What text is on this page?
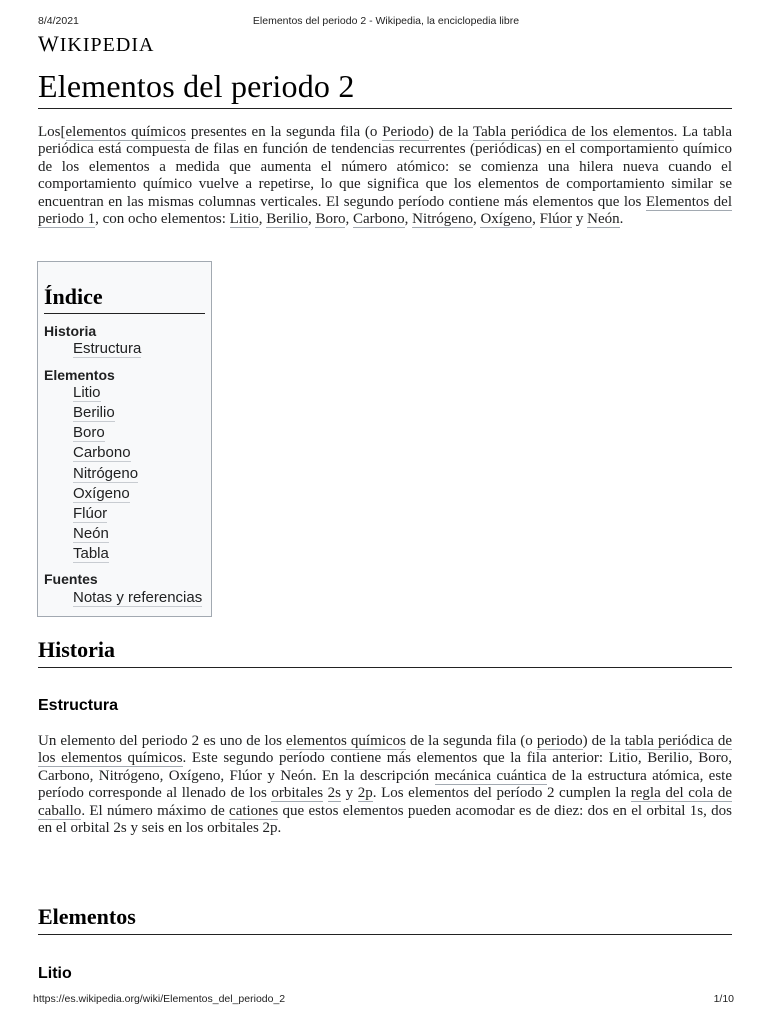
8/4/2021	Elementos del periodo 2 - Wikipedia, la enciclopedia libre
WIKIPEDIA
Elementos del periodo 2

Los[elementos químicos presentes en la segunda fila (o Periodo) de la Tabla periódica de los elementos. La tabla periódica está compuesta de filas en función de tendencias recurrentes (periódicas) en el comportamiento químico de los elementos a medida que aumenta el número atómico: se comienza una hilera nueva cuando el comportamiento químico vuelve a repetirse, lo que significa que los elementos de comportamiento similar se encuentran en las mismas columnas verticales. El segundo período contiene más elementos que los Elementos del periodo 1, con ocho elementos: Litio, Berilio, Boro, Carbono, Nitrógeno, Oxígeno, Flúor y Neón.

Índice
Historia
Estructura
Elementos
Litio
Berilio
Boro
Carbono
Nitrógeno
Oxígeno
Flúor
Neón
Tabla
Fuentes
Notas y referencias
Historia
Estructura

Un elemento del periodo 2 es uno de los elementos químicos de la segunda fila (o periodo) de la tabla periódica de los elementos químicos. Este segundo período contiene más elementos que la fila anterior: Litio, Berilio, Boro, Carbono, Nitrógeno, Oxígeno, Flúor y Neón. En la descripción mecánica cuántica de la estructura atómica, este período corresponde al llenado de los orbitales 2s y 2p. Los elementos del período 2 cumplen la regla del cola de caballo. El número máximo de cationes que estos elementos pueden acomodar es de diez: dos en el orbital 1s, dos en el orbital 2s y seis en los orbitales 2p.

Elementos
Litio
https://es.wikipedia.org/wiki/Elementos_del_periodo_2	1/10
